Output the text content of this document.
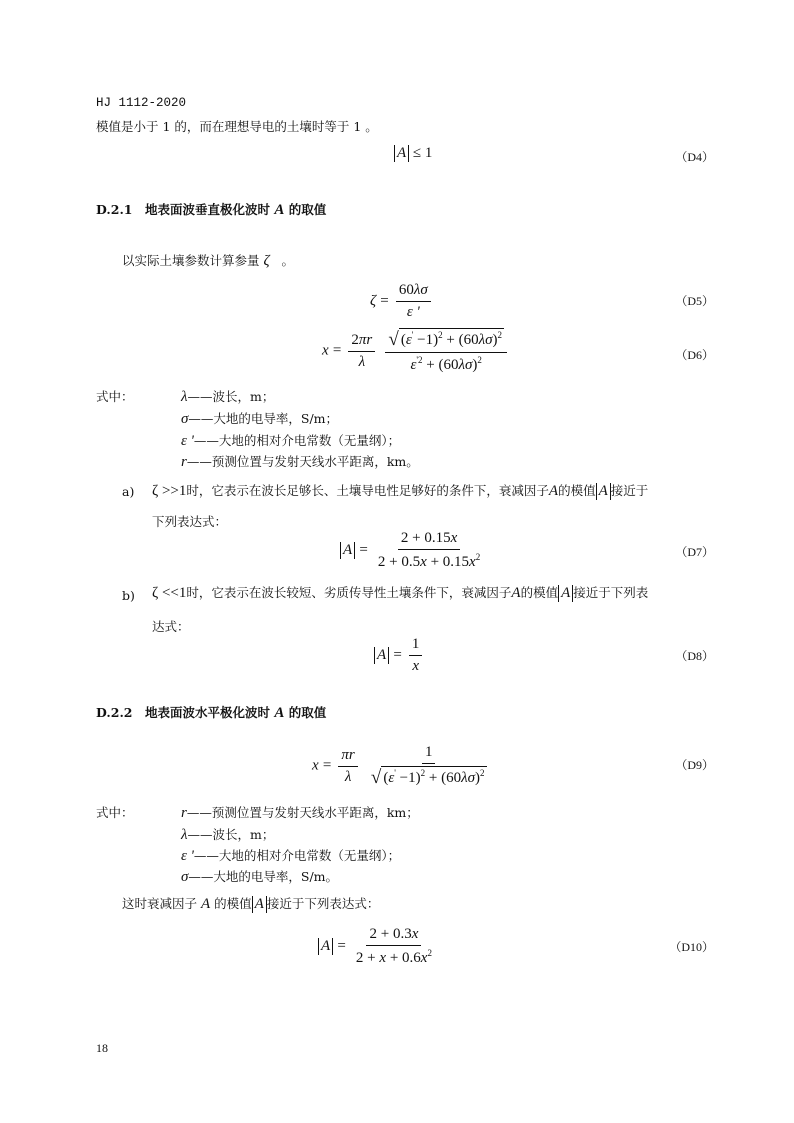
HJ 1112-2020
模值是小于 1 的，而在理想导电的土壤时等于 1 。
A ≤ 1	（D4）
D.2.1　地表面波垂直极化波时 A 的取值
以实际土壤参数计算参量 ζ 。
$\zeta = \frac{60\lambda\sigma}{\varepsilon '}$	（D5）
$x = \frac{2\pi r}{\lambda}$
$\frac{√ (\varepsilon' -1)^2 + (60\lambda\sigma)^2}{\varepsilon^{'2} + (60\lambda\sigma)^2}$	（D6）
式中：	λ——波长，m；
σ——大地的电导率，S/m；
ε '——大地的相对介电常数（无量纲）；
r——预测位置与发射天线水平距离，km。
a) ζ >>1时，它表示在波长足够长、土壤导电性足够好的条件下，衰减因子A的模值 A 接近于
下列表达式：
$A = \frac{2 + 0.15x}{2 + 0.5x + 0.15x^2}$	（D7）
b) ζ <<1时，它表示在波长较短、劣质传导性土壤条件下，衰减因子A的模值 A 接近于下列表
达式：
$A = \frac{1}{x}$	（D8）
D.2.2　地表面波水平极化波时 A 的取值
$x = \frac{\pi r}{\lambda}$
$\frac{1}{√ (\varepsilon' -1)^2 + (60\lambda\sigma)^2}$	（D9）
式中：	r——预测位置与发射天线水平距离，km；
λ——波长，m；
ε '——大地的相对介电常数（无量纲）；
σ——大地的电导率，S/m。
这时衰减因子 A 的模值 A 接近于下列表达式：
$A = \frac{2 + 0.3x}{2 + x + 0.6x^2}$	（D10）
18
